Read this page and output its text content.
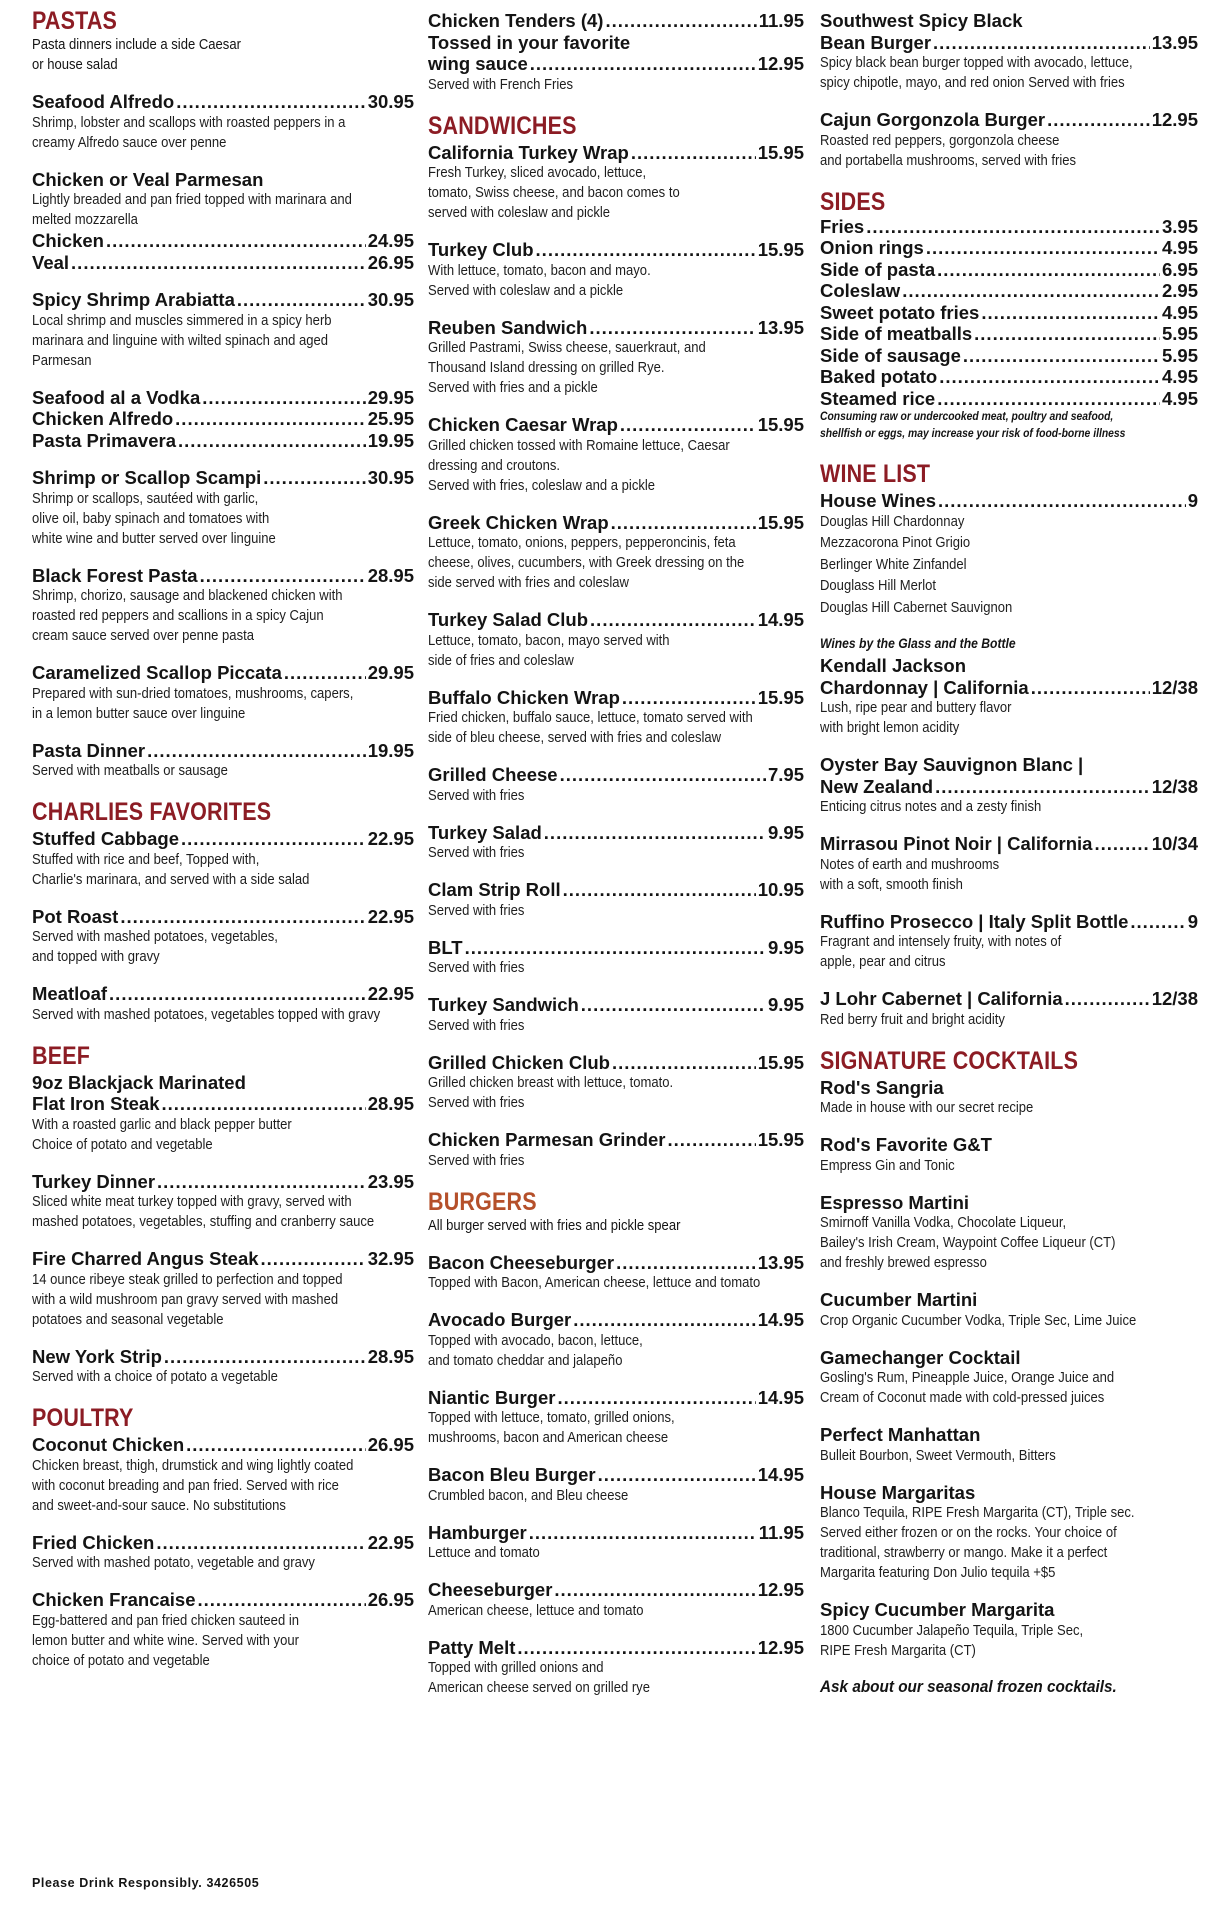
PASTAS
Pasta dinners include a side Caesar
or house salad
Seafood Alfredo .....	30.95
Shrimp, lobster and scallops with roasted peppers in a
creamy Alfredo sauce over penne
Chicken or Veal Parmesan
Lightly breaded and pan fried topped with marinara and
melted mozzarella
Chicken .....	24.95
Veal .....	26.95
Spicy Shrimp Arabiatta .....	30.95
Local shrimp and muscles simmered in a spicy herb
marinara and linguine with wilted spinach and aged
Parmesan
Seafood al a Vodka .....	29.95
Chicken Alfredo .....	25.95
Pasta Primavera .....	19.95
Shrimp or Scallop Scampi .....	30.95
Shrimp or scallops, sautéed with garlic,
olive oil, baby spinach and tomatoes with
white wine and butter served over linguine
Black Forest Pasta .....	28.95
Shrimp, chorizo, sausage and blackened chicken with
roasted red peppers and scallions in a spicy Cajun
cream sauce served over penne pasta
Caramelized Scallop Piccata .....	29.95
Prepared with sun-dried tomatoes, mushrooms, capers,
in a lemon butter sauce over linguine
Pasta Dinner .....	19.95
Served with meatballs or sausage
CHARLIES FAVORITES
Stuffed Cabbage .....	22.95
Stuffed with rice and beef, Topped with,
Charlie's marinara, and served with a side salad
Pot Roast .....	22.95
Served with mashed potatoes, vegetables,
and topped with gravy
Meatloaf .....	22.95
Served with mashed potatoes, vegetables topped with gravy
BEEF
9oz Blackjack Marinated
Flat Iron Steak .....	28.95
With a roasted garlic and black pepper butter
Choice of potato and vegetable
Turkey Dinner .....	23.95
Sliced white meat turkey topped with gravy, served with
mashed potatoes, vegetables, stuffing and cranberry sauce
Fire Charred Angus Steak .....	32.95
14 ounce ribeye steak grilled to perfection and topped
with a wild mushroom pan gravy served with mashed
potatoes and seasonal vegetable
New York Strip .....	28.95
Served with a choice of potato a vegetable
POULTRY
Coconut Chicken .....	26.95
Chicken breast, thigh, drumstick and wing lightly coated
with coconut breading and pan fried. Served with rice
and sweet-and-sour sauce. No substitutions
Fried Chicken .....	22.95
Served with mashed potato, vegetable and gravy
Chicken Francaise .....	26.95
Egg-battered and pan fried chicken sauteed in
lemon butter and white wine. Served with your
choice of potato and vegetable
Please Drink Responsibly. 3426505
Chicken Tenders (4) .....	11.95
Tossed in your favorite
wing sauce .....	12.95
Served with French Fries
SANDWICHES
California Turkey Wrap .....	15.95
Fresh Turkey, sliced avocado, lettuce,
tomato, Swiss cheese, and bacon comes to
served with coleslaw and pickle
Turkey Club .....	15.95
With lettuce, tomato, bacon and mayo.
Served with coleslaw and a pickle
Reuben Sandwich .....	13.95
Grilled Pastrami, Swiss cheese, sauerkraut, and
Thousand Island dressing on grilled Rye.
Served with fries and a pickle
Chicken Caesar Wrap .....	15.95
Grilled chicken tossed with Romaine lettuce, Caesar
dressing and croutons.
Served with fries, coleslaw and a pickle
Greek Chicken Wrap .....	15.95
Lettuce, tomato, onions, peppers, pepperoncinis, feta
cheese, olives, cucumbers, with Greek dressing on the
side served with fries and coleslaw
Turkey Salad Club .....	14.95
Lettuce, tomato, bacon, mayo served with
side of fries and coleslaw
Buffalo Chicken Wrap .....	15.95
Fried chicken, buffalo sauce, lettuce, tomato served with
side of bleu cheese, served with fries and coleslaw
Grilled Cheese .....	7.95
Served with fries
Turkey Salad .....	9.95
Served with fries
Clam Strip Roll .....	10.95
Served with fries
BLT .....	9.95
Served with fries
Turkey Sandwich .....	9.95
Served with fries
Grilled Chicken Club .....	15.95
Grilled chicken breast with lettuce, tomato.
Served with fries
Chicken Parmesan Grinder .....	15.95
Served with fries
BURGERS
All burger served with fries and pickle spear
Bacon Cheeseburger .....	13.95
Topped with Bacon, American cheese, lettuce and tomato
Avocado Burger .....	14.95
Topped with avocado, bacon, lettuce,
and tomato cheddar and jalapeño
Niantic Burger .....	14.95
Topped with lettuce, tomato, grilled onions,
mushrooms, bacon and American cheese
Bacon Bleu Burger .....	14.95
Crumbled bacon, and Bleu cheese
Hamburger .....	11.95
Lettuce and tomato
Cheeseburger .....	12.95
American cheese, lettuce and tomato
Patty Melt .....	12.95
Topped with grilled onions and
American cheese served on grilled rye
Southwest Spicy Black
Bean Burger .....	13.95
Spicy black bean burger topped with avocado, lettuce,
spicy chipotle, mayo, and red onion Served with fries
Cajun Gorgonzola Burger .....	12.95
Roasted red peppers, gorgonzola cheese
and portabella mushrooms, served with fries
SIDES
Fries .....	3.95
Onion rings .....	4.95
Side of pasta .....	6.95
Coleslaw .....	2.95
Sweet potato fries .....	4.95
Side of meatballs .....	5.95
Side of sausage .....	5.95
Baked potato .....	4.95
Steamed rice .....	4.95
Consuming raw or undercooked meat, poultry and seafood,
shellfish or eggs, may increase your risk of food-borne illness
WINE LIST
House Wines .....	9
Douglas Hill Chardonnay
Mezzacorona Pinot Grigio
Berlinger White Zinfandel
Douglass Hill Merlot
Douglas Hill Cabernet Sauvignon
Wines by the Glass and the Bottle
Kendall Jackson
Chardonnay | California .....	12/38
Lush, ripe pear and buttery flavor
with bright lemon acidity
Oyster Bay Sauvignon Blanc |
New Zealand .....	12/38
Enticing citrus notes and a zesty finish
Mirrasou Pinot Noir | California .....	10/34
Notes of earth and mushrooms
with a soft, smooth finish
Ruffino Prosecco | Italy Split Bottle .....	9
Fragrant and intensely fruity, with notes of
apple, pear and citrus
J Lohr Cabernet | California .....	12/38
Red berry fruit and bright acidity
SIGNATURE COCKTAILS
Rod's Sangria
Made in house with our secret recipe
Rod's Favorite G&T
Empress Gin and Tonic
Espresso Martini
Smirnoff Vanilla Vodka, Chocolate Liqueur,
Bailey's Irish Cream, Waypoint Coffee Liqueur (CT)
and freshly brewed espresso
Cucumber Martini
Crop Organic Cucumber Vodka, Triple Sec, Lime Juice
Gamechanger Cocktail
Gosling's Rum, Pineapple Juice, Orange Juice and
Cream of Coconut made with cold-pressed juices
Perfect Manhattan
Bulleit Bourbon, Sweet Vermouth, Bitters
House Margaritas
Blanco Tequila, RIPE Fresh Margarita (CT), Triple sec.
Served either frozen or on the rocks. Your choice of
traditional, strawberry or mango. Make it a perfect
Margarita featuring Don Julio tequila +$5
Spicy Cucumber Margarita
1800 Cucumber Jalapeño Tequila, Triple Sec,
RIPE Fresh Margarita (CT)
Ask about our seasonal frozen cocktails.
